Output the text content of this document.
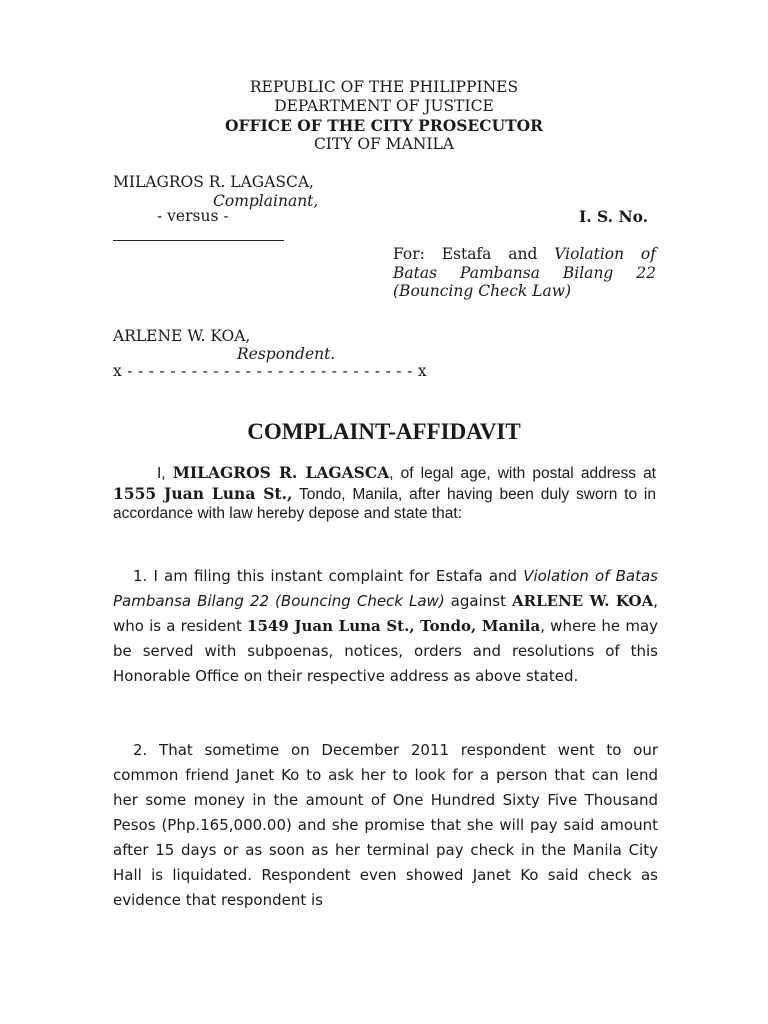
REPUBLIC OF THE PHILIPPINES
DEPARTMENT OF JUSTICE
OFFICE OF THE CITY PROSECUTOR
CITY OF MANILA
MILAGROS R. LAGASCA,
Complainant,
- versus -	I. S. No.
For: Estafa and Violation of
Batas Pambansa Bilang 22
(Bouncing Check Law)
ARLENE W. KOA,
Respondent.
x - - - - - - - - - - - - - - - - - - - - - - - - - - - x
COMPLAINT-AFFIDAVIT
I, MILAGROS R. LAGASCA, of legal age, with postal address at 1555 Juan Luna St., Tondo, Manila, after having been duly sworn to in accordance with law hereby depose and state that:
1. I am filing this instant complaint for Estafa and Violation of Batas Pambansa Bilang 22 (Bouncing Check Law) against ARLENE W. KOA, who is a resident 1549 Juan Luna St., Tondo, Manila, where he may be served with subpoenas, notices, orders and resolutions of this Honorable Office on their respective address as above stated.
2. That sometime on December 2011 respondent went to our common friend Janet Ko to ask her to look for a person that can lend her some money in the amount of One Hundred Sixty Five Thousand Pesos (Php.165,000.00) and she promise that she will pay said amount after 15 days or as soon as her terminal pay check in the Manila City Hall is liquidated. Respondent even showed Janet Ko said check as evidence that respondent is
